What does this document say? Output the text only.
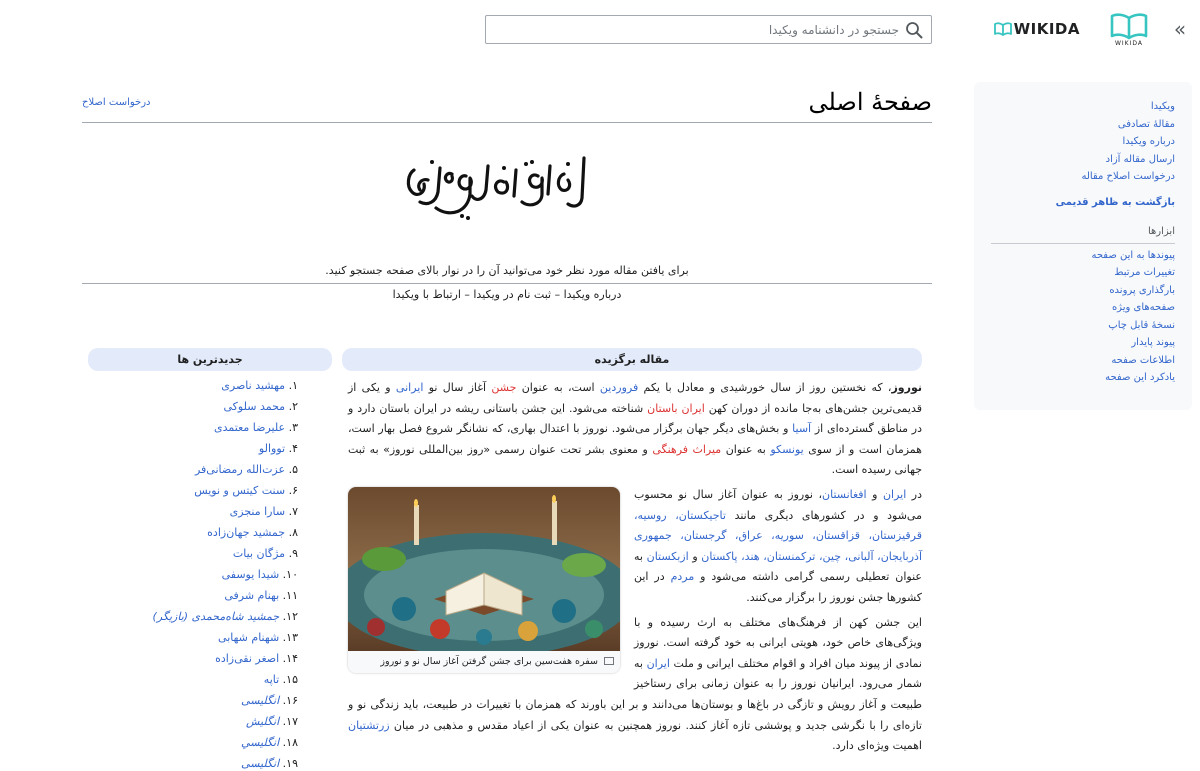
»
WIKIDA
WIKIDA
جستجو در دانشنامه ویکیدا
ویکیدا
مقالهٔ تصادفی
درباره ویکیدا
ارسال مقاله آزاد
درخواست اصلاح مقاله
بازگشت به ظاهر قدیمی
ابزارها
پیوندها به این صفحه
تغییرات مرتبط
بارگذاری پرونده
صفحه‌های ویژه
نسخهٔ قابل چاپ
پیوند پایدار
اطلاعات صفحه
یادکرد این صفحه
صفحهٔ اصلی
درخواست اصلاح
برای یافتن مقاله مورد نظر خود می‌توانید آن را در نوار بالای صفحه جستجو کنید.
درباره ویکیدا – ثبت نام در ویکیدا – ارتباط با ویکیدا
مقاله برگزیده

نوروز، که نخستین روز از سال خورشیدی و معادل با یکم فروردین است، به عنوان جشن آغاز سال نو ایرانی و یکی از قدیمی‌ترین جشن‌های به‌جا مانده از دوران کهن ایران باستان شناخته می‌شود. این جشن باستانی ریشه در ایران باستان دارد و در مناطق گسترده‌ای از آسیا و بخش‌های دیگر جهان برگزار می‌شود. نوروز با اعتدال بهاری، که نشانگر شروع فصل بهار است، همزمان است و از سوی یونسکو به عنوان میراث فرهنگی و معنوی بشر تحت عنوان رسمی «روز بین‌المللی نوروز» به ثبت جهانی رسیده است.

سفره هفت‌سین برای جشن گرفتن آغاز سال نو و نوروز

در ایران و افغانستان، نوروز به عنوان آغاز سال نو محسوب می‌شود و در کشورهای دیگری مانند تاجیکستان، روسیه، قرقیزستان، قزاقستان، سوریه، عراق، گرجستان، جمهوری آذربایجان، آلبانی، چین، ترکمنستان، هند، پاکستان و ازبکستان به عنوان تعطیلی رسمی گرامی داشته می‌شود و مردم در این کشورها جشن نوروز را برگزار می‌کنند.

این جشن کهن از فرهنگ‌های مختلف به ارث رسیده و با ویژگی‌های خاص خود، هویتی ایرانی به خود گرفته است. نوروز نمادی از پیوند میان افراد و اقوام مختلف ایرانی و ملت ایران به شمار می‌رود. ایرانیان نوروز را به عنوان زمانی برای رستاخیز طبیعت و آغاز رویش و تازگی در باغ‌ها و بوستان‌ها می‌دانند و بر این باورند که همزمان با تغییرات در طبیعت، باید زندگی نو و تازه‌ای را با نگرشی جدید و پوششی تازه آغاز کنند. نوروز همچنین به عنوان یکی از اعیاد مقدس و مذهبی در میان زرتشتیان اهمیت ویژه‌ای دارد.

جدیدترین ها
۱. مهشید ناصری
۲. محمد سلوکی
۳. علیرضا معتمدی
۴. تووالو
۵. عزت‌الله رمضانی‌فر
۶. سنت کیتس و نویس
۷. سارا منجزی
۸. جمشید جهان‌زاده
۹. مژگان بیات
۱۰. شیدا یوسفی
۱۱. بهنام شرفی
۱۲. جمشید شاه‌محمدی (بازیگر)
۱۳. شهنام شهابی
۱۴. اصغر نقی‌زاده
۱۵. تاپه
۱۶. انگلیسی
۱۷. انگلیش
۱۸. انگلیسي
۱۹. انگلیسی
